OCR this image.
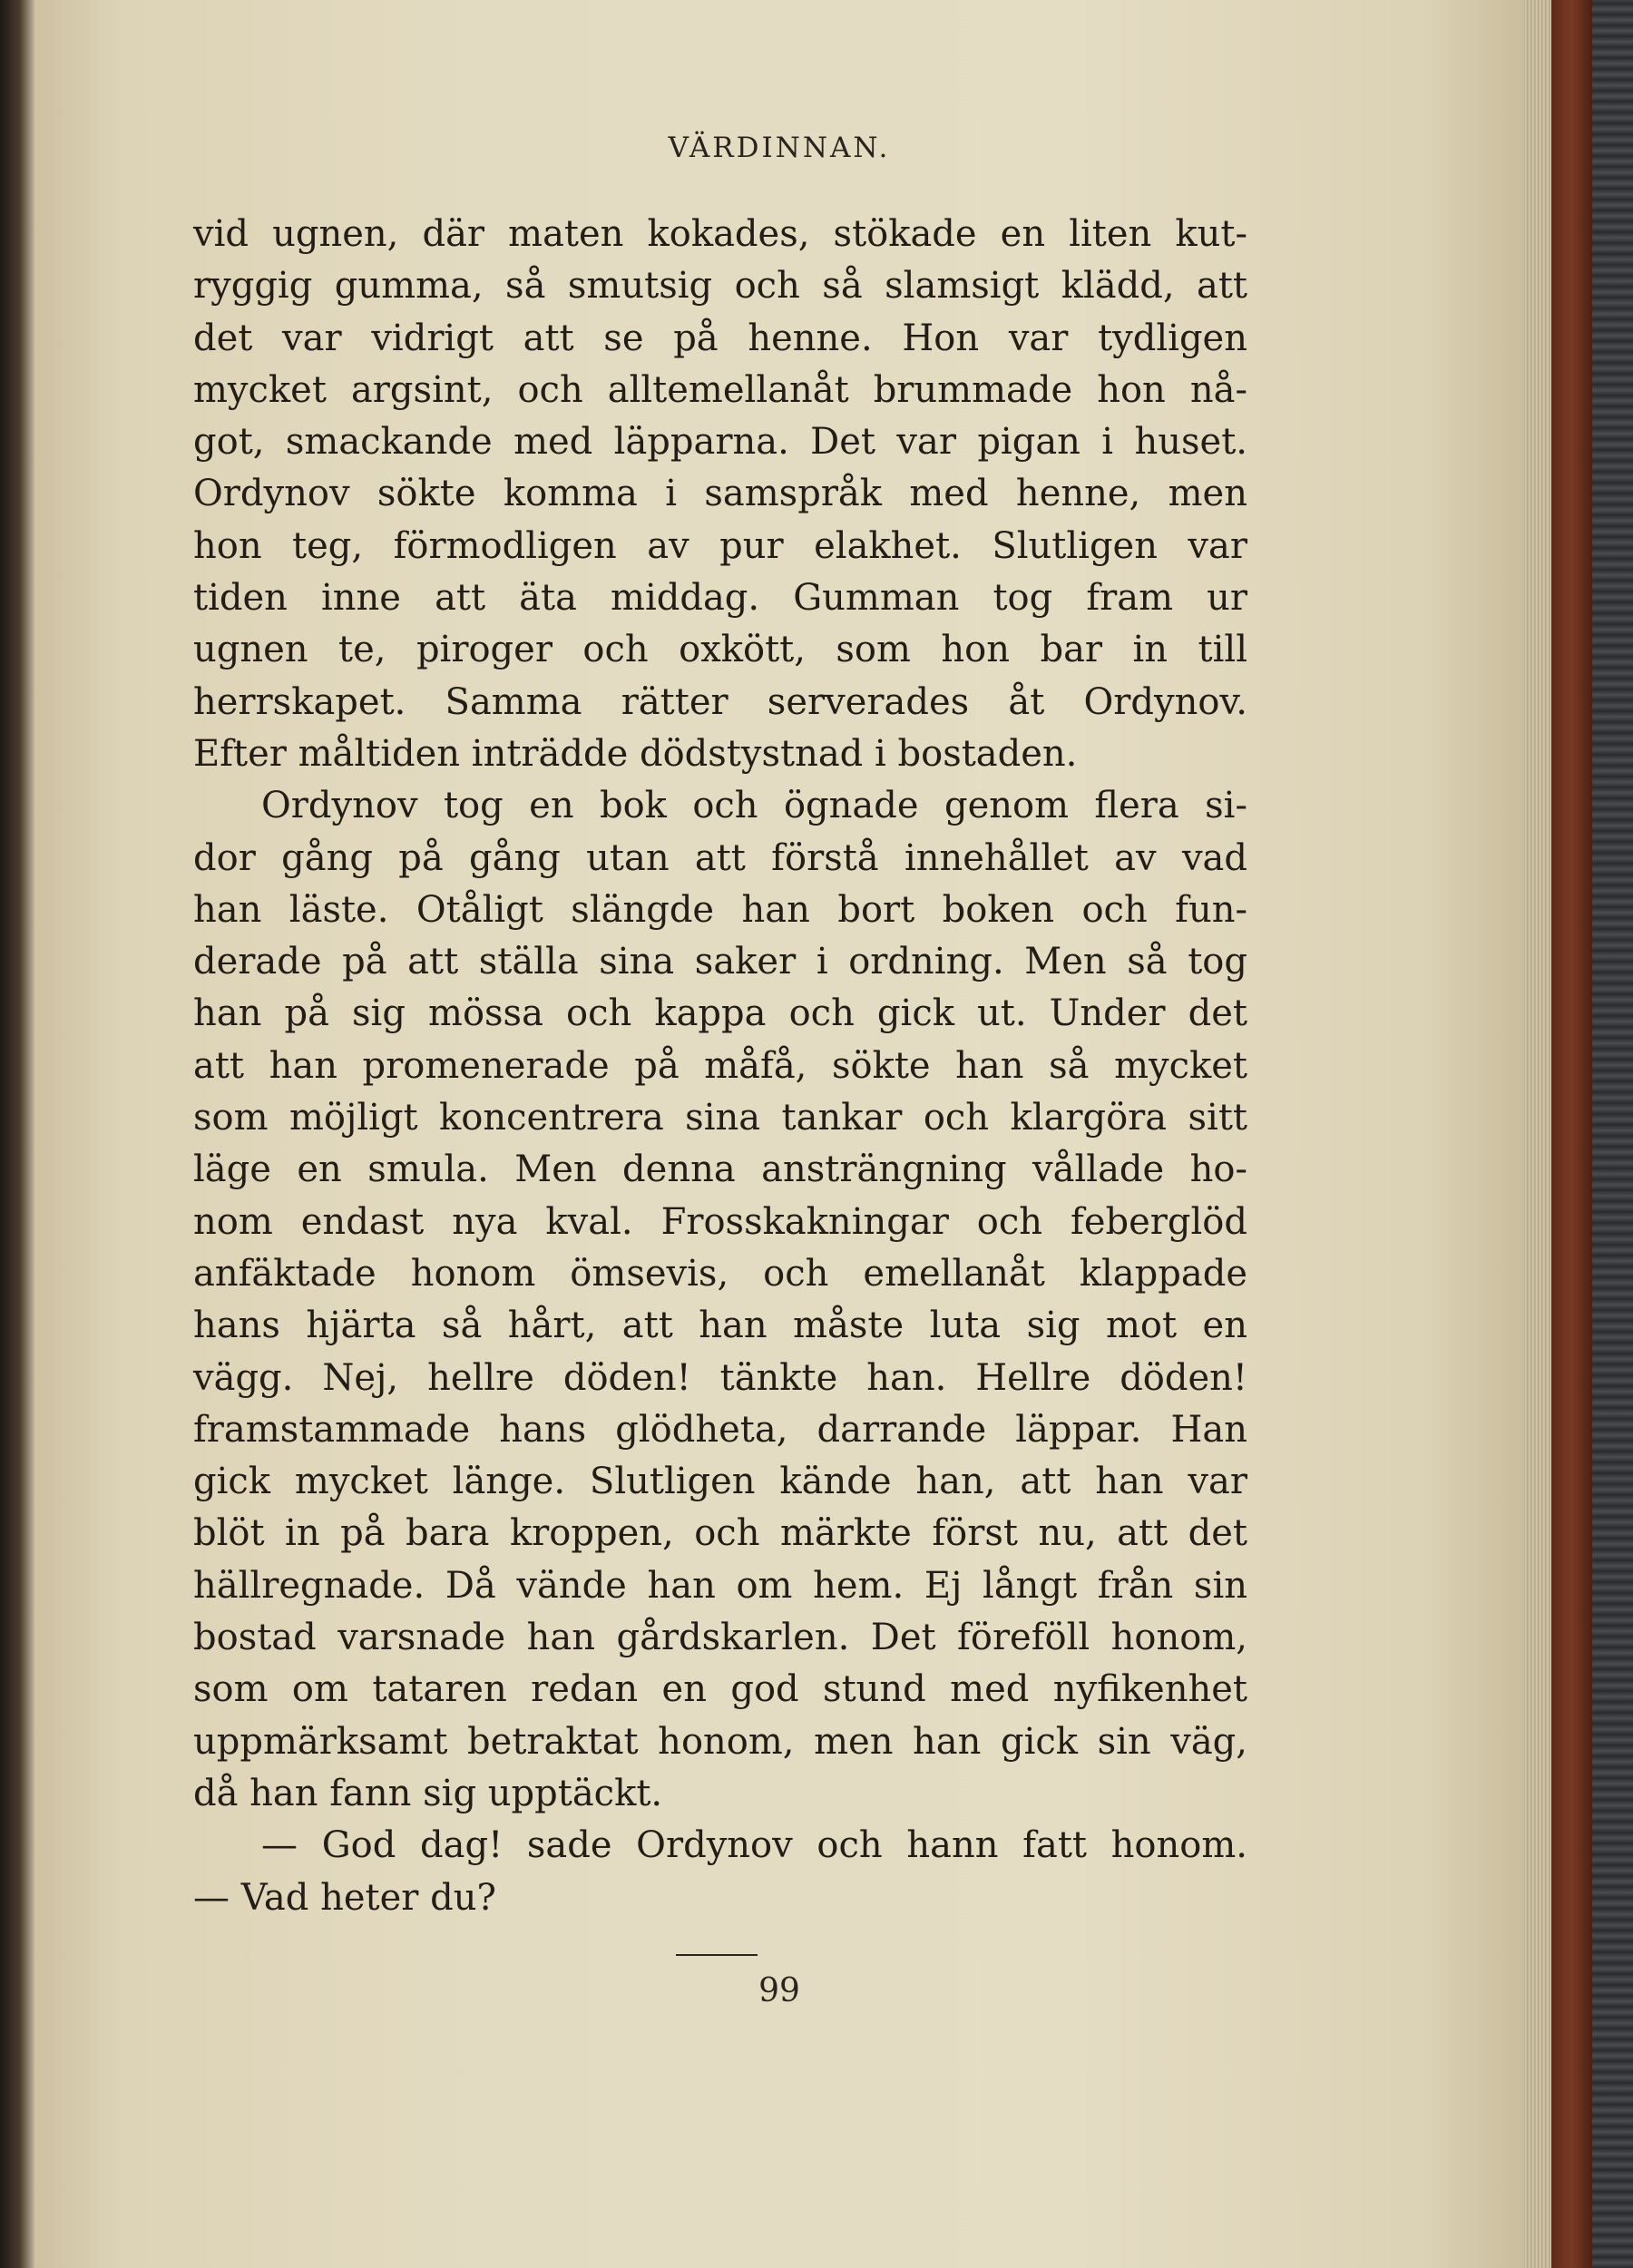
VÄRDINNAN.
vid ugnen, där maten kokades, stökade en liten kut-
ryggig gumma, så smutsig och så slamsigt klädd, att
det var vidrigt att se på henne. Hon var tydligen
mycket argsint, och alltemellanåt brummade hon nå-
got, smackande med läpparna. Det var pigan i huset.
Ordynov sökte komma i samspråk med henne, men
hon teg, förmodligen av pur elakhet. Slutligen var
tiden inne att äta middag. Gumman tog fram ur
ugnen te, piroger och oxkött, som hon bar in till
herrskapet. Samma rätter serverades åt Ordynov.
Efter måltiden inträdde dödstystnad i bostaden.
Ordynov tog en bok och ögnade genom flera si-
dor gång på gång utan att förstå innehållet av vad
han läste. Otåligt slängde han bort boken och fun-
derade på att ställa sina saker i ordning. Men så tog
han på sig mössa och kappa och gick ut. Under det
att han promenerade på måfå, sökte han så mycket
som möjligt koncentrera sina tankar och klargöra sitt
läge en smula. Men denna ansträngning vållade ho-
nom endast nya kval. Frosskakningar och feberglöd
anfäktade honom ömsevis, och emellanåt klappade
hans hjärta så hårt, att han måste luta sig mot en
vägg. Nej, hellre döden! tänkte han. Hellre döden!
framstammade hans glödheta, darrande läppar. Han
gick mycket länge. Slutligen kände han, att han var
blöt in på bara kroppen, och märkte först nu, att det
hällregnade. Då vände han om hem. Ej långt från sin
bostad varsnade han gårdskarlen. Det föreföll honom,
som om tataren redan en god stund med nyfikenhet
uppmärksamt betraktat honom, men han gick sin väg,
då han fann sig upptäckt.
— God dag! sade Ordynov och hann fatt honom.
— Vad heter du?
99
